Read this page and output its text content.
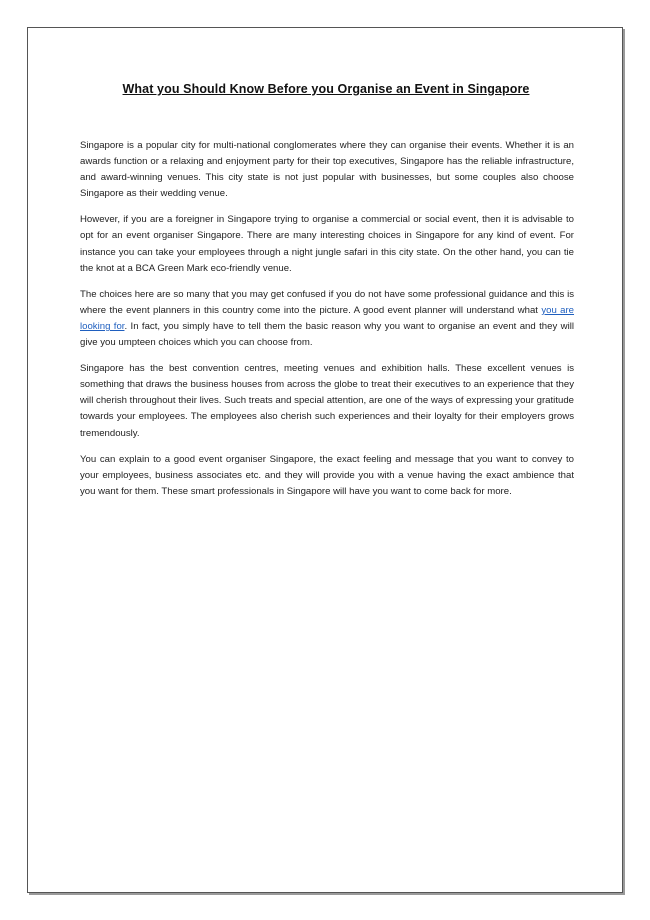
What you Should Know Before you Organise an Event in Singapore

Singapore is a popular city for multi-national conglomerates where they can organise their events. Whether it is an awards function or a relaxing and enjoyment party for their top executives, Singapore has the reliable infrastructure, and award-winning venues. This city state is not just popular with businesses, but some couples also choose Singapore as their wedding venue.

However, if you are a foreigner in Singapore trying to organise a commercial or social event, then it is advisable to opt for an event organiser Singapore. There are many interesting choices in Singapore for any kind of event. For instance you can take your employees through a night jungle safari in this city state. On the other hand, you can tie the knot at a BCA Green Mark eco-friendly venue.

The choices here are so many that you may get confused if you do not have some professional guidance and this is where the event planners in this country come into the picture. A good event planner will understand what you are looking for. In fact, you simply have to tell them the basic reason why you want to organise an event and they will give you umpteen choices which you can choose from.

Singapore has the best convention centres, meeting venues and exhibition halls. These excellent venues is something that draws the business houses from across the globe to treat their executives to an experience that they will cherish throughout their lives. Such treats and special attention, are one of the ways of expressing your gratitude towards your employees. The employees also cherish such experiences and their loyalty for their employers grows tremendously.

You can explain to a good event organiser Singapore, the exact feeling and message that you want to convey to your employees, business associates etc. and they will provide you with a venue having the exact ambience that you want for them. These smart professionals in Singapore will have you want to come back for more.
